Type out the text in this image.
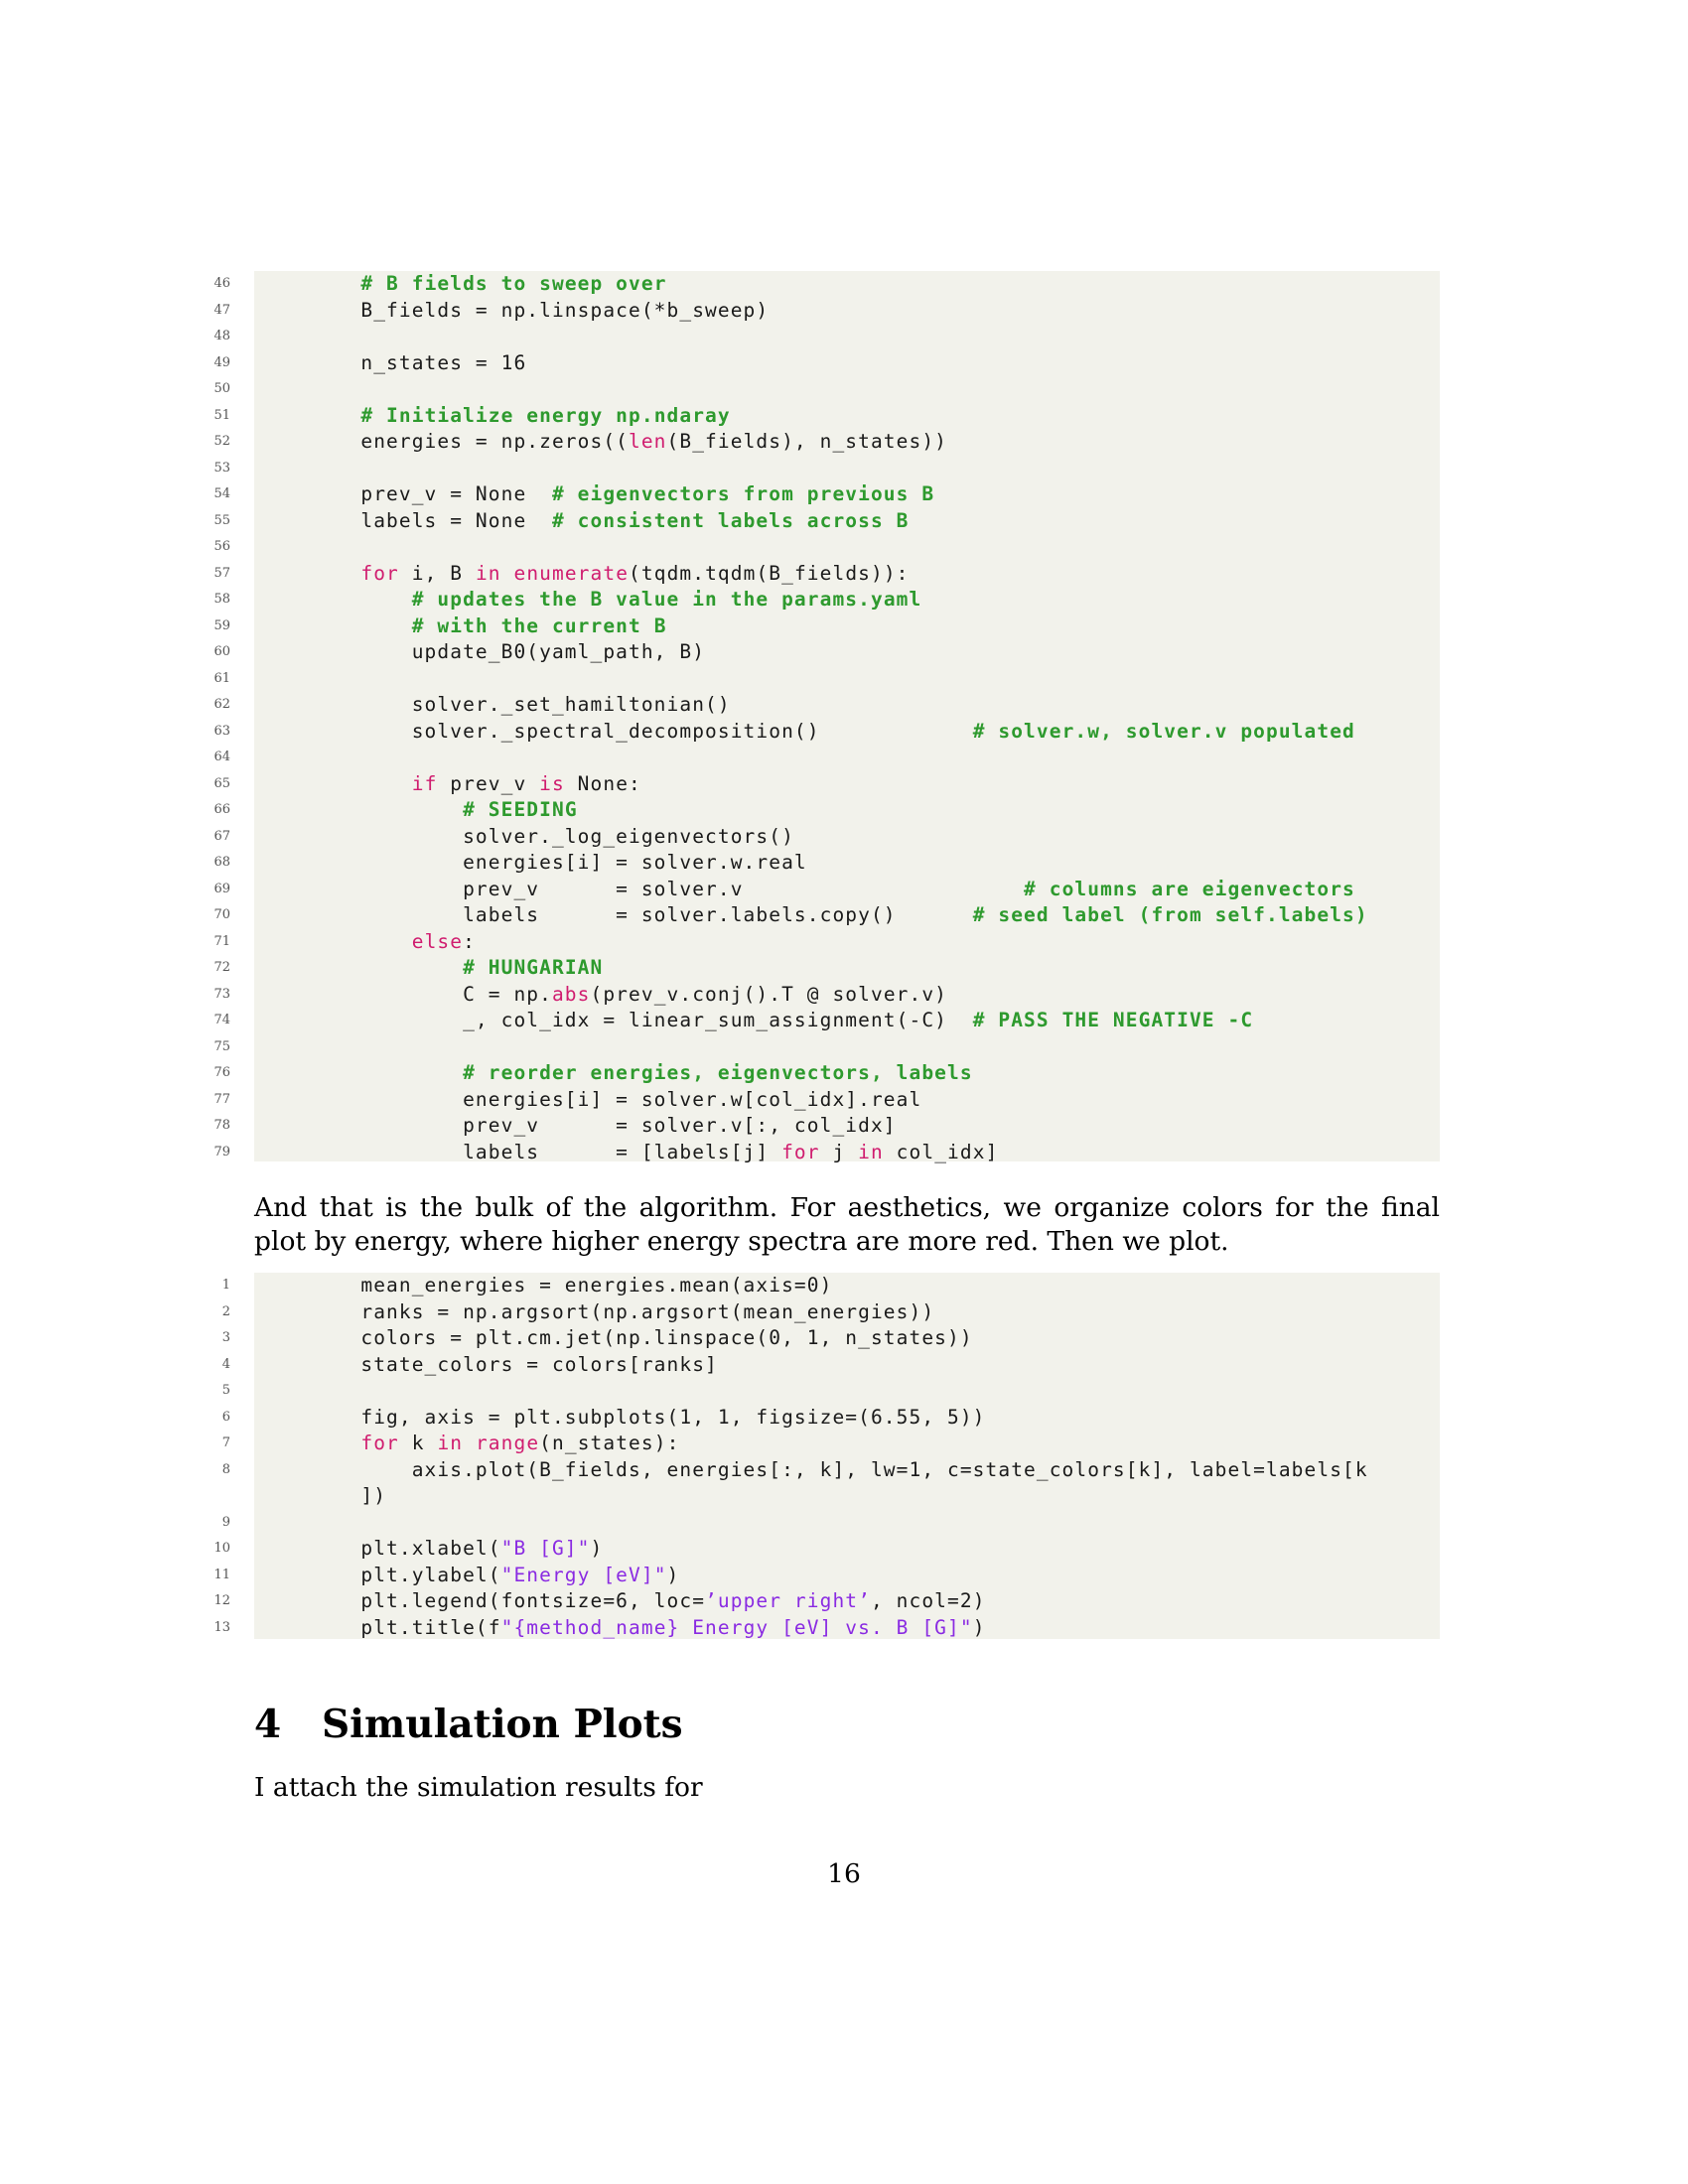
46	# B fields to sweep over
47	B_fields = np.linspace(*b_sweep)
48
49	n_states = 16
50
51	# Initialize energy np.ndaray
52	energies = np.zeros((len(B_fields), n_states))
53
54	prev_v = None  # eigenvectors from previous B
55	labels = None  # consistent labels across B
56
57	for i, B in enumerate(tqdm.tqdm(B_fields)):
58	# updates the B value in the params.yaml
59	# with the current B
60	update_B0(yaml_path, B)
61
62	solver._set_hamiltonian()
63	solver._spectral_decomposition()            # solver.w, solver.v populated
64
65	if prev_v is None:
66	# SEEDING
67	solver._log_eigenvectors()
68	energies[i] = solver.w.real
69	prev_v      = solver.v                      # columns are eigenvectors
70	labels      = solver.labels.copy()      # seed label (from self.labels)
71	else:
72	# HUNGARIAN
73	C = np.abs(prev_v.conj().T @ solver.v)
74	_, col_idx = linear_sum_assignment(-C)  # PASS THE NEGATIVE -C
75
76	# reorder energies, eigenvectors, labels
77	energies[i] = solver.w[col_idx].real
78	prev_v      = solver.v[:, col_idx]
79	labels      = [labels[j] for j in col_idx]

And that is the bulk of the algorithm. For aesthetics, we organize colors for the final plot by energy, where higher energy spectra are more red. Then we plot.

1	mean_energies = energies.mean(axis=0)
2	ranks = np.argsort(np.argsort(mean_energies))
3	colors = plt.cm.jet(np.linspace(0, 1, n_states))
4	state_colors = colors[ranks]
5
6	fig, axis = plt.subplots(1, 1, figsize=(6.55, 5))
7	for k in range(n_states):
8	axis.plot(B_fields, energies[:, k], lw=1, c=state_colors[k], label=labels[k
])
9
10	plt.xlabel("B [G]")
11	plt.ylabel("Energy [eV]")
12	plt.legend(fontsize=6, loc=’upper right’, ncol=2)
13	plt.title(f"{method_name} Energy [eV] vs. B [G]")
4 Simulation Plots

I attach the simulation results for

16
